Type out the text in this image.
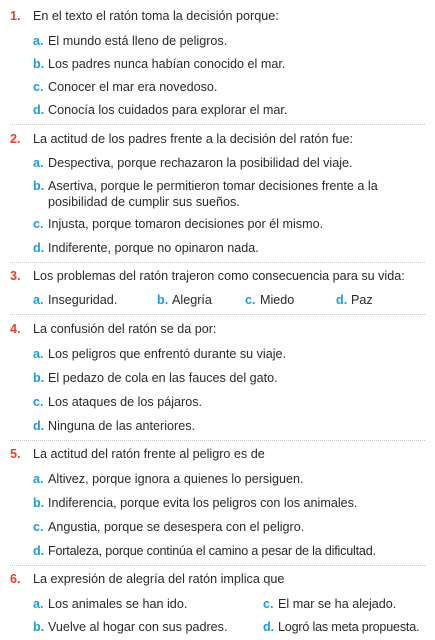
1. En el texto el ratón toma la decisión porque:
a. El mundo está lleno de peligros.
b. Los padres nunca habían conocido el mar.
c. Conocer el mar era novedoso.
d. Conocía los cuidados para explorar el mar.
2. La actitud de los padres frente a la decisión del ratón fue:
a. Despectiva, porque rechazaron la posibilidad del viaje.
b. Asertiva, porque le permitieron tomar decisiones frente a la posibilidad de cumplir sus sueños.
c. Injusta, porque tomaron decisiones por él mismo.
d. Indiferente, porque no opinaron nada.
3. Los problemas del ratón trajeron como consecuencia para su vida:
a. Inseguridad.	b. Alegría	c. Miedo	d. Paz
4. La confusión del ratón se da por:
a. Los peligros que enfrentó durante su viaje.
b. El pedazo de cola en las fauces del gato.
c. Los ataques de los pájaros.
d. Ninguna de las anteriores.
5. La actitud del ratón frente al peligro es de
a. Altivez, porque ignora a quienes lo persiguen.
b. Indiferencia, porque evita los peligros con los animales.
c. Angustia, porque se desespera con el peligro.
d. Fortaleza, porque continúa el camino a pesar de la dificultad.
6. La expresión de alegría del ratón implica que
a. Los animales se han ido.	c. El mar se ha alejado.
b. Vuelve al hogar con sus padres.	d. Logró las meta propuesta.
